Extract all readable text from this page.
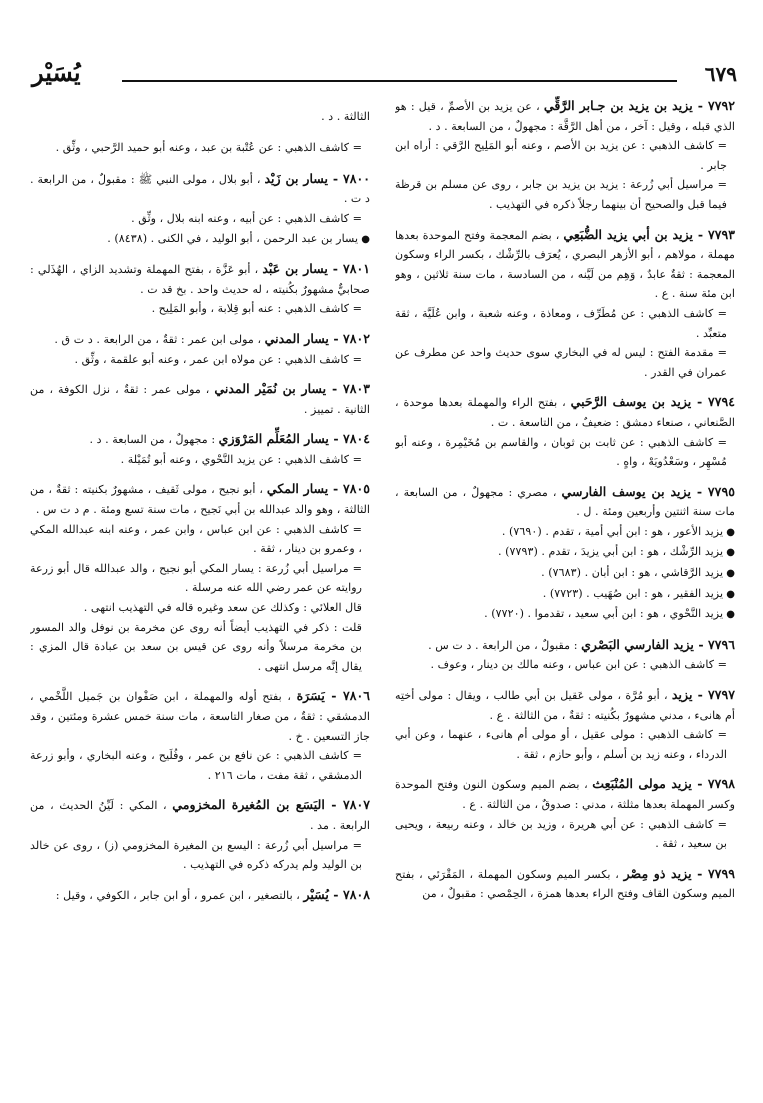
٦٧٩
يُسَيْر

٧٧٩٢ - يزيد بن يزيد بن جـابر الرَّقِّي ، عن يزيد بن الأصمِّ ، قيل : هو الذي قبله ، وقيل : آخر ، من أهل الرَّقَّة : مجهولٌ ، من السابعة . د .

= كاشف الذهبي : عن يزيد بن الأصم ، وعنه أبو المَلِيح الرَّقي : أراه ابن جابر .

= مراسيل أبي زُرعة : يزيد بن يزيد بن جابر ، روى عن مسلم بن قرظة فيما قبل والصحيح أن بينهما رجلاً ذكره في التهذيب .

٧٧٩٣ - يزيد بن أبي يزيد الضُّبَعِي ، بضم المعجمة وفتح الموحدة بعدها مهملة ، مولاهم ، أبو الأزهر البصري ، يُعرَف بالرِّشْك ، بكسر الراء وسكون المعجمة : ثقةٌ عابدٌ ، وَهِم من لَيَّنه ، من السادسة ، مات سنة ثلاثين ، وهو ابن مئة سنة . ع .

= كاشف الذهبي : عن مُطَرِّف ، ومعاذة ، وعنه شعبة ، وابن عُلَيَّة ، ثقة متعبِّد .

= مقدمة الفتح : ليس له في البخاري سوى حديث واحد عن مطرف عن عمران في القدر .

٧٧٩٤ - يزيد بن يوسف الرَّحَبي ، بفتح الراء والمهملة بعدها موحدة ، الصَّنعاني ، صنعاء دمشق : ضعيفٌ ، من التاسعة . ت .

= كاشف الذهبي : عن ثابت بن ثوبان ، والقاسم بن مُخَيْمِرة ، وعنه أبو مُسْهِر ، وسَعْدُويَهْ ، واهٍ .

٧٧٩٥ - يزيد بن يوسف الفارسي ، مصري : مجهولٌ ، من السابعة ، مات سنة اثنتين وأربعين ومئة . ل .

● يزيد الأعور ، هو : ابن أبي أمية ، تقدم . (٧٦٩٠) .

● يزيد الرِّشْك ، هو : ابن أبي يزيدَ ، تقدم . (٧٧٩٣) .

● يزيد الرَّقاشي ، هو : ابن أبان . (٧٦٨٣) .

● يزيد الفقير ، هو : ابن صُهَيب . (٧٧٢٣) .

● يزيد النَّحْوي ، هو : ابن أبي سعيد ، تقدموا . (٧٧٢٠) .

٧٧٩٦ - يزيد الفارسي البَصْري : مقبولٌ ، من الرابعة . د ت س .

= كاشف الذهبي : عن ابن عباس ، وعنه مالك بن دينار ، وعوف .

٧٧٩٧ - يزيد ، أبو مُرَّة ، مولى عَقيل بن أبي طالب ، ويقال : مولى أختِه أم هانىء ، مدني مشهورٌ بكُنيته : ثقةٌ ، من الثالثة . ع .

= كاشف الذهبي : مولى عقيل ، أو مولى أم هانىء ، عنهما ، وعن أبي الدرداء ، وعنه زيد بن أسلم ، وأبو حازم ، ثقة .

٧٧٩٨ - يزيد مولى المُنْبَعِث ، بضم الميم وسكون النون وفتح الموحدة وكسر المهملة بعدها مثلثة ، مدني : صدوقٌ ، من الثالثة . ع .

= كاشف الذهبي : عن أبي هريرة ، وزيد بن خالد ، وعنه ربيعة ، ويحيى بن سعيد ، ثقة .

٧٧٩٩ - يزيد ذو مِصْر ، بكسر الميم وسكون المهملة ، المَقْرَئي ، بفتح الميم وسكون القاف وفتح الراء بعدها همزة ، الحِمْصي : مقبولٌ ، من

الثالثة . د .

= كاشف الذهبي : عن عُتْبة بن عبد ، وعنه أبو حميد الرَّحبي ، وثِّق .

٧٨٠٠ - يسار بن زَيْد ، أبو بلال ، مولى النبي ﷺ : مقبولٌ ، من الرابعة . د ت .

= كاشف الذهبي : عن أبيه ، وعنه ابنه بلال ، وثِّق .

● يسار بن عبد الرحمن ، أبو الوليد ، في الكنى . (٨٤٣٨) .

٧٨٠١ - يسار بن عَبْد ، أبو عَزَّة ، بفتح المهملة وتشديد الزاي ، الهُذَلي : صحابيٌّ مشهورٌ بكُنيته ، له حديث واحد . بخ قد ت .

= كاشف الذهبي : عنه أبو قِلابة ، وأبو المَلِيح .

٧٨٠٢ - يسار المدني ، مولى ابن عمر : ثقةٌ ، من الرابعة . د ت ق .

= كاشف الذهبي : عن مولاه ابن عمر ، وعنه أبو علقمة ، وثِّق .

٧٨٠٣ - يسار بن نُمَيْر المدني ، مولى عمر : ثقةٌ ، نزل الكوفة ، من الثانية . تمييز .

٧٨٠٤ - يسار المُعَلِّم المَرْوَزي : مجهولٌ ، من السابعة . د .

= كاشف الذهبي : عن يزيد النَّحْوي ، وعنه أبو تُمَيْلة .

٧٨٠٥ - يسار المكي ، أبو نجيح ، مولى ثَقيف ، مشهورٌ بكنيته : ثقةٌ ، من الثالثة ، وهو والد عبدالله بن أبي نَجيح ، مات سنة تسع ومئة . م د ت س .

= كاشف الذهبي : عن ابن عباس ، وابن عمر ، وعنه ابنه عبدالله المكي ، وعمرو بن دينار ، ثقة .

= مراسيل أبي زُرعة : يسار المكي أبو نجيح ، والد عبدالله قال أبو زرعة روايته عن عمر رضي الله عنه مرسلة .

قال العلائي : وكذلك عن سعد وغيره قاله في التهذيب انتهى .

قلت : ذكر في التهذيب أيضاً أنه روى عن مخرمة بن نوفل والد المسور بن مخرمة مرسلاً وأنه روى عن قيس بن سعد بن عبادة قال المزي : يقال إنَّه مرسل انتهى .

٧٨٠٦ - يَسَرَة ، بفتح أوله والمهملة ، ابن صَفْوان بن جَميل اللَّخْمي ، الدمشقي : ثقةٌ ، من صغار التاسعة ، مات سنة خمس عشرة ومئتين ، وقد جاز التسعين . خ .

= كاشف الذهبي : عن نافع بن عمر ، وفُلَيح ، وعنه البخاري ، وأبو زرعة الدمشقي ، ثقة مفت ، مات ٢١٦ .

٧٨٠٧ - اليَسَع بن المُغيرة المخزومي ، المكي : لَيِّنُ الحديث ، من الرابعة . مد .

= مراسيل أبي زُرعة : اليسع بن المغيرة المخزومي (ز) ، روى عن خالد بن الوليد ولم يدركه ذكره في التهذيب .

٧٨٠٨ - يُسَيْر ، بالتصغير ، ابن عمرو ، أو ابن جابر ، الكوفي ، وقيل :
